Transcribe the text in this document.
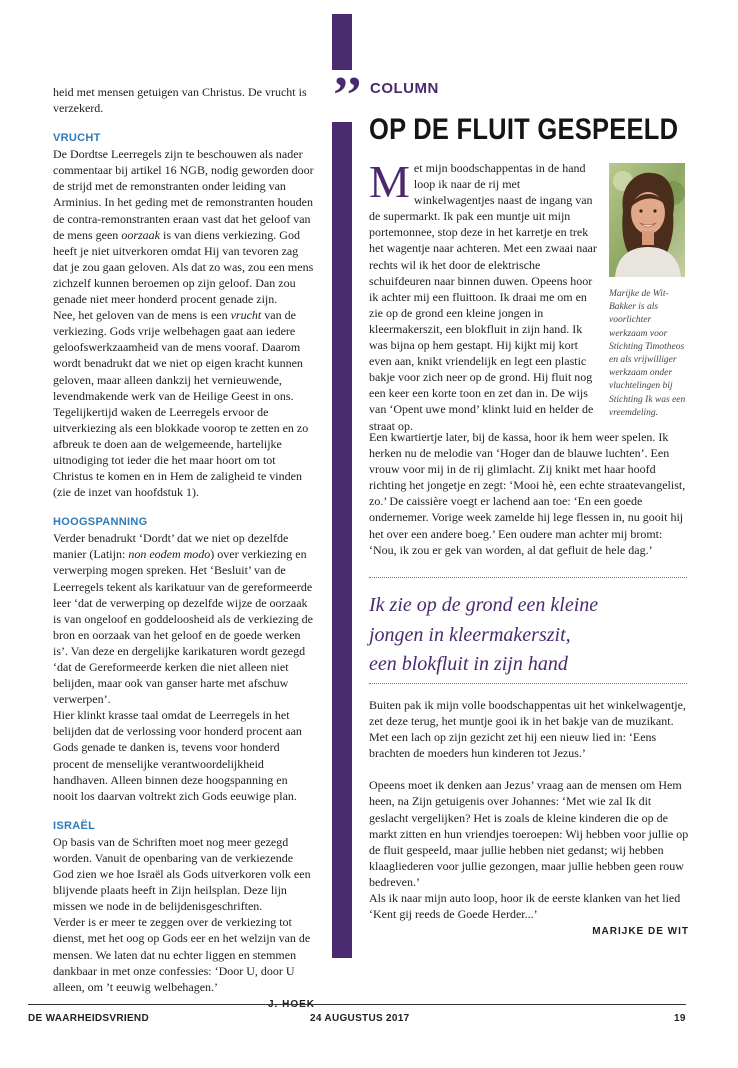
heid met mensen getuigen van Christus. De vrucht is verzekerd.

VRUCHT

De Dordtse Leerregels zijn te beschouwen als nader commentaar bij artikel 16 NGB, nodig geworden door de strijd met de remonstranten onder leiding van Arminius. In het geding met de remonstranten houden de contra-remonstranten eraan vast dat het geloof van de mens geen oorzaak is van diens verkiezing. God heeft je niet uitverkoren omdat Hij van tevoren zag dat je zou gaan geloven. Als dat zo was, zou een mens zichzelf kunnen beroemen op zijn geloof. Dan zou genade niet meer honderd procent genade zijn.

Nee, het geloven van de mens is een vrucht van de verkiezing. Gods vrije welbehagen gaat aan iedere geloofswerkzaamheid van de mens vooraf. Daarom wordt benadrukt dat we niet op eigen kracht kunnen geloven, maar alleen dankzij het vernieuwende, levendmakende werk van de Heilige Geest in ons. Tegelijkertijd waken de Leerregels ervoor de uitverkiezing als een blokkade voorop te zetten en zo afbreuk te doen aan de welgemeende, hartelijke uitnodiging tot ieder die het maar hoort om tot Christus te komen en in Hem de zaligheid te vinden (zie de inzet van hoofdstuk 1).

HOOGSPANNING

Verder benadrukt ‘Dordt’ dat we niet op dezelfde manier (Latijn: non eodem modo) over verkiezing en verwerping mogen spreken. Het ‘Besluit’ van de Leerregels tekent als karikatuur van de gereformeerde leer ‘dat de verwerping op dezelfde wijze de oorzaak is van ongeloof en goddeloosheid als de verkiezing de bron en oorzaak van het geloof en de goede werken is’. Van deze en dergelijke karikaturen wordt gezegd ‘dat de Gereformeerde kerken die niet alleen niet belijden, maar ook van ganser harte met afschuw verwerpen’.

Hier klinkt krasse taal omdat de Leerregels in het belijden dat de verlossing voor honderd procent aan Gods genade te danken is, tevens voor honderd procent de menselijke verantwoordelijkheid handhaven. Alleen binnen deze hoogspanning en nooit los daarvan voltrekt zich Gods eeuwige plan.

ISRAËL

Op basis van de Schriften moet nog meer gezegd worden. Vanuit de openbaring van de verkiezende God zien we hoe Israël als Gods uitverkoren volk een blijvende plaats heeft in Zijn heilsplan. Deze lijn missen we node in de belijdenisgeschriften.

Verder is er meer te zeggen over de verkiezing tot dienst, met het oog op Gods eer en het welzijn van de mensen. We laten dat nu echter liggen en stemmen dankbaar in met onze confessies: ‘Door U, door U alleen, om ’t eeuwig welbehagen.’

J. HOEK
’’ COLUMN
OP DE FLUIT GESPEELD
Met mijn boodschappentas in de hand loop ik naar de rij met winkelwagentjes naast de ingang van de supermarkt. Ik pak een muntje uit mijn portemonnee, stop deze in het karretje en trek het wagentje naar achteren. Met een zwaai naar rechts wil ik het door de elektrische schuifdeuren naar binnen duwen. Opeens hoor ik achter mij een fluittoon. Ik draai me om en zie op de grond een kleine jongen in kleermakerszit, een blokfluit in zijn hand. Ik was bijna op hem gestapt. Hij kijkt mij kort even aan, knikt vriendelijk en legt een plastic bakje voor zich neer op de grond. Hij fluit nog een keer een korte toon en zet dan in. De wijs van ‘Opent uwe mond’ klinkt luid en helder de straat op.
Marijke de Wit-Bakker is als voorlichter werkzaam voor Stichting Timotheos en als vrijwilliger werkzaam onder vluchtelingen bij Stichting Ik was een vreemdeling.

Een kwartiertje later, bij de kassa, hoor ik hem weer spelen. Ik herken nu de melodie van ‘Hoger dan de blauwe luchten’. Een vrouw voor mij in de rij glimlacht. Zij knikt met haar hoofd richting het jongetje en zegt: ‘Mooi hè, een echte straatevangelist, zo.’ De caissière voegt er lachend aan toe: ‘En een goede ondernemer. Vorige week zamelde hij lege flessen in, nu gooit hij het over een andere boeg.’ Een oudere man achter mij bromt: ‘Nou, ik zou er gek van worden, al dat gefluit de hele dag.’

Ik zie op de grond een kleine
jongen in kleermakerszit,
een blokfluit in zijn hand

Buiten pak ik mijn volle boodschappentas uit het winkelwagentje, zet deze terug, het muntje gooi ik in het bakje van de muzikant. Met een lach op zijn gezicht zet hij een nieuw lied in: ‘Eens brachten de moeders hun kinderen tot Jezus.’

Opeens moet ik denken aan Jezus’ vraag aan de mensen om Hem heen, na Zijn getuigenis over Johannes: ‘Met wie zal Ik dit geslacht vergelijken? Het is zoals de kleine kinderen die op de markt zitten en hun vriendjes toeroepen: Wij hebben voor jullie op de fluit gespeeld, maar jullie hebben niet gedanst; wij hebben klaagliederen voor jullie gezongen, maar jullie hebben geen rouw bedreven.’

Als ik naar mijn auto loop, hoor ik de eerste klanken van het lied ‘Kent gij reeds de Goede Herder...’

MARIJKE DE WIT
DE WAARHEIDSVRIEND	24 AUGUSTUS 2017	19
